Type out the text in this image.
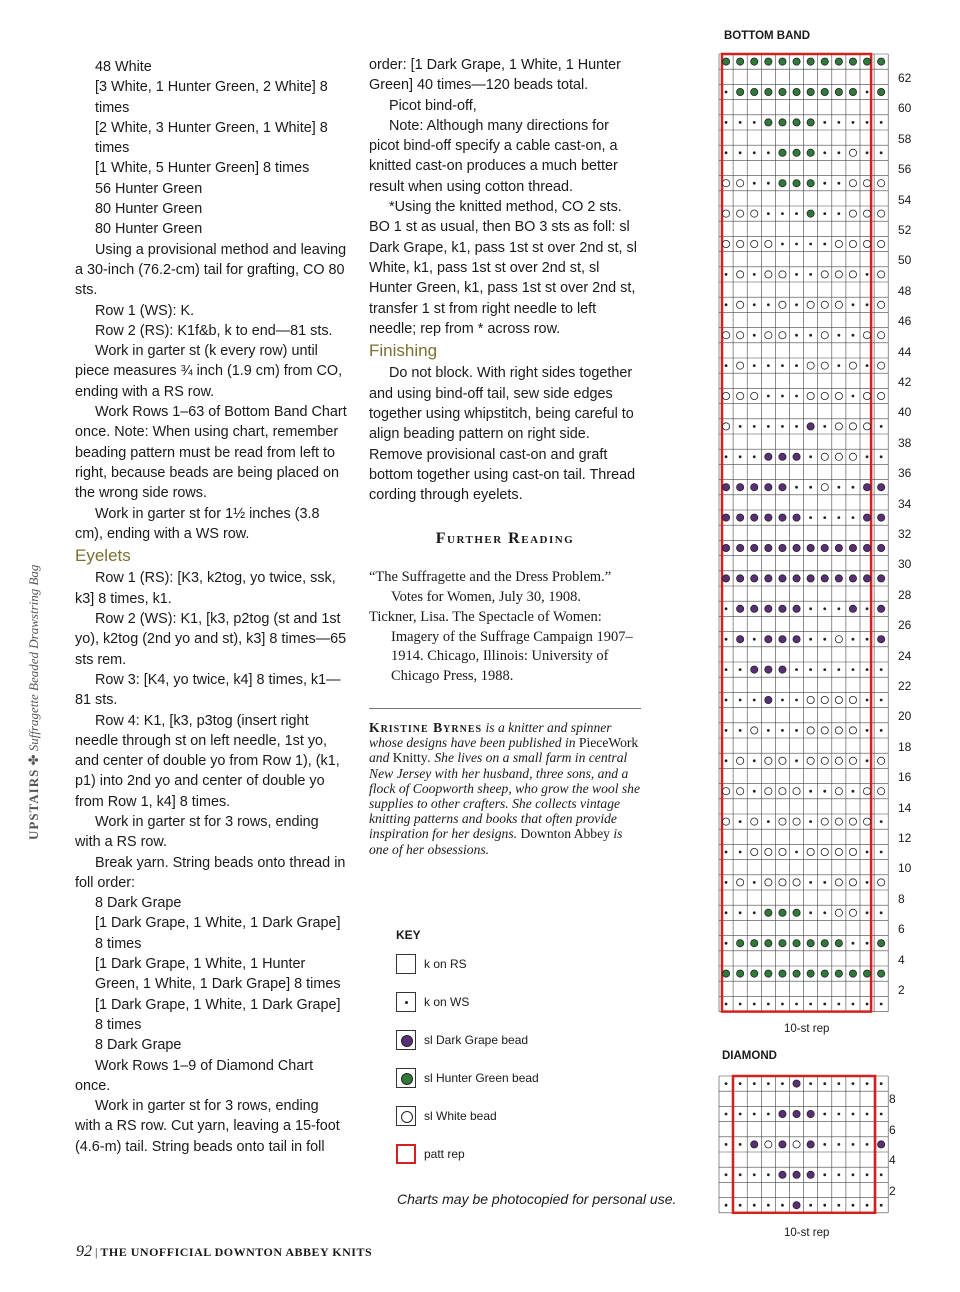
UPSTAIRS ✤ Suffragette Beaded Drawstring Bag

48 White

[3 White, 1 Hunter Green, 2 White] 8 times

[2 White, 3 Hunter Green, 1 White] 8 times

[1 White, 5 Hunter Green] 8 times

56 Hunter Green

80 Hunter Green

80 Hunter Green

Using a provisional method and leaving a 30-inch (76.2-cm) tail for grafting, CO 80 sts.

Row 1 (WS): K.

Row 2 (RS): K1f&b, k to end—81 sts.

Work in garter st (k every row) until piece measures ¾ inch (1.9 cm) from CO, ending with a RS row.

Work Rows 1–63 of Bottom Band Chart once. Note: When using chart, remember beading pattern must be read from left to right, because beads are being placed on the wrong side rows.

Work in garter st for 1½ inches (3.8 cm), ending with a WS row.

Eyelets

Row 1 (RS): [K3, k2tog, yo twice, ssk, k3] 8 times, k1.

Row 2 (WS): K1, [k3, p2tog (st and 1st yo), k2tog (2nd yo and st), k3] 8 times—65 sts rem.

Row 3: [K4, yo twice, k4] 8 times, k1—81 sts.

Row 4: K1, [k3, p3tog (insert right needle through st on left needle, 1st yo, and center of double yo from Row 1), (k1, p1) into 2nd yo and center of double yo from Row 1, k4] 8 times.

Work in garter st for 3 rows, ending with a RS row.

Break yarn. String beads onto thread in foll order:

8 Dark Grape

[1 Dark Grape, 1 White, 1 Dark Grape] 8 times

[1 Dark Grape, 1 White, 1 Hunter Green, 1 White, 1 Dark Grape] 8 times

[1 Dark Grape, 1 White, 1 Dark Grape] 8 times

8 Dark Grape

Work Rows 1–9 of Diamond Chart once.

Work in garter st for 3 rows, ending with a RS row. Cut yarn, leaving a 15-foot (4.6-m) tail. String beads onto tail in foll

order: [1 Dark Grape, 1 White, 1 Hunter Green] 40 times—120 beads total.

Picot bind-off,

Note: Although many directions for picot bind-off specify a cable cast-on, a knitted cast-on produces a much better result when using cotton thread.

*Using the knitted method, CO 2 sts. BO 1 st as usual, then BO 3 sts as foll: sl Dark Grape, k1, pass 1st st over 2nd st, sl White, k1, pass 1st st over 2nd st, sl Hunter Green, k1, pass 1st st over 2nd st, transfer 1 st from right needle to left needle; rep from * across row.

Finishing

Do not block. With right sides together and using bind-off tail, sew side edges together using whipstitch, being careful to align beading pattern on right side. Remove provisional cast-on and graft bottom together using cast-on tail. Thread cording through eyelets.

Further Reading

“The Suffragette and the Dress Problem.” Votes for Women, July 30, 1908.

Tickner, Lisa. The Spectacle of Women: Imagery of the Suffrage Campaign 1907–1914. Chicago, Illinois: University of Chicago Press, 1988.

Kristine Byrnes is a knitter and spinner whose designs have been published in PieceWork and Knitty. She lives on a small farm in central New Jersey with her husband, three sons, and a flock of Coopworth sheep, who grow the wool she supplies to other crafters. She collects vintage knitting patterns and books that often provide inspiration for her designs. Downton Abbey is one of her obsessions.
KEY
k on RS
k on WS
sl Dark Grape bead
sl Hunter Green bead
sl White bead
patt rep
Charts may be photocopied for personal use.
92 | THE UNOFFICIAL DOWNTON ABBEY KNITS
BOTTOM BAND
10-st rep
62
60
58
56
54
52
50
48
46
44
42
40
38
36
34
32
30
28
26
24
22
20
18
16
14
12
10
8
6
4
2
DIAMOND
10-st rep
8
6
4
2
